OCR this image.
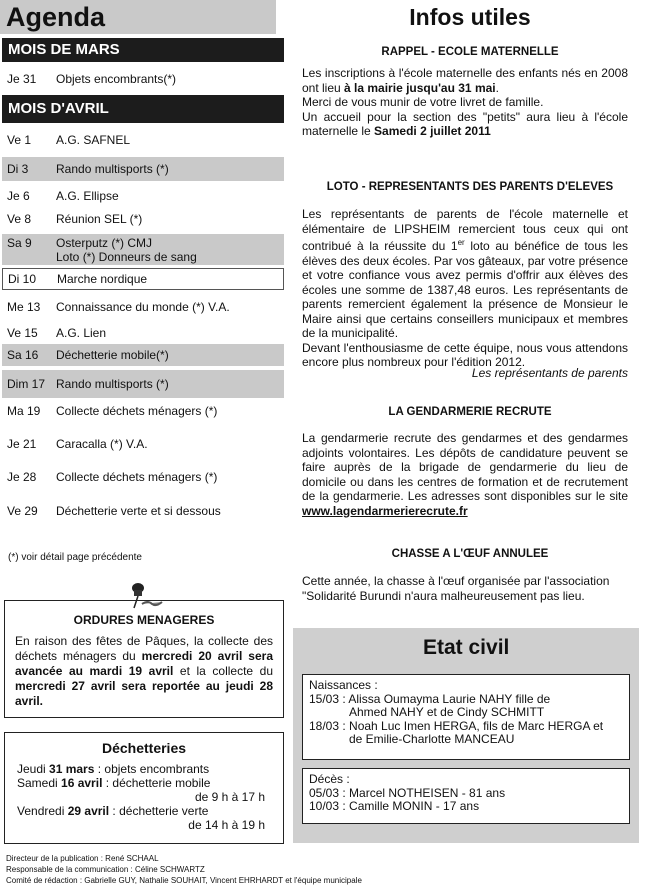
Agenda
MOIS DE MARS
Je 31	Objets encombrants(*)
MOIS D'AVRIL
Ve 1	A.G. SAFNEL
Di 3	Rando multisports (*)
Je 6	A.G. Ellipse
Ve 8	Réunion SEL (*)
Sa 9	Osterputz (*) CMJ
Loto (*) Donneurs de sang
Di 10	Marche nordique
Me 13	Connaissance du monde (*) V.A.
Ve 15	A.G. Lien
Sa 16	Déchetterie mobile(*)
Dim 17 Rando multisports (*)
Ma 19	Collecte déchets ménagers (*)
Je 21	Caracalla (*) V.A.
Je 28	Collecte déchets ménagers (*)
Ve 29	Déchetterie verte et si dessous
(*) voir détail page précédente
ORDURES MENAGERES

En raison des fêtes de Pâques, la collecte des déchets ménagers du mercredi 20 avril sera avancée au mardi 19 avril et la collecte du mercredi 27 avril sera reportée au jeudi 28 avril.

Déchetteries
Jeudi 31 mars : objets encombrants
Samedi 16 avril : déchetterie mobile
de 9 h à 17 h
Vendredi 29 avril : déchetterie verte
de 14 h à 19 h
Directeur de la publication : René SCHAAL
Responsable de la communication : Céline SCHWARTZ
Comité de rédaction : Gabrielle GUY, Nathalie SOUHAIT, Vincent EHRHARDT et l'équipe municipale
Infos utiles
RAPPEL - ECOLE MATERNELLE
Les inscriptions à l'école maternelle des enfants nés en 2008 ont lieu à la mairie jusqu'au 31 mai.
Merci de vous munir de votre livret de famille.
Un accueil pour la section des "petits" aura lieu à l'école maternelle le Samedi 2 juillet 2011
LOTO - REPRESENTANTS DES PARENTS D'ELEVES
Les représentants de parents de l'école maternelle et élémentaire de LIPSHEIM remercient tous ceux qui ont contribué à la réussite du 1er loto au bénéfice de tous les élèves des deux écoles. Par vos gâteaux, par votre présence et votre confiance vous avez permis d'offrir aux élèves des écoles une somme de 1387,48 euros. Les représentants de parents remercient également la présence de Monsieur le Maire ainsi que certains conseillers municipaux et membres de la municipalité.
Devant l'enthousiasme de cette équipe, nous vous attendons encore plus nombreux pour l'édition 2012.
Les représentants de parents
LA GENDARMERIE RECRUTE
La gendarmerie recrute des gendarmes et des gendarmes adjoints volontaires. Les dépôts de candidature peuvent se faire auprès de la brigade de gendarmerie du lieu de domicile ou dans les centres de formation et de recrutement de la gendarmerie. Les adresses sont disponibles sur le site www.lagendarmerierecrute.fr
CHASSE A L'ŒUF ANNULEE
Cette année, la chasse à l'œuf organisée par l'association "Solidarité Burundi n'aura malheureusement pas lieu.
Etat civil
Naissances :
15/03 : Alissa Oumayma Laurie NAHY fille de
Ahmed NAHY et de Cindy SCHMITT
18/03 : Noah Luc Imen HERGA, fils de Marc HERGA et
de Emilie-Charlotte MANCEAU
Décès :
05/03 : Marcel NOTHEISEN - 81 ans
10/03 : Camille MONIN - 17 ans
